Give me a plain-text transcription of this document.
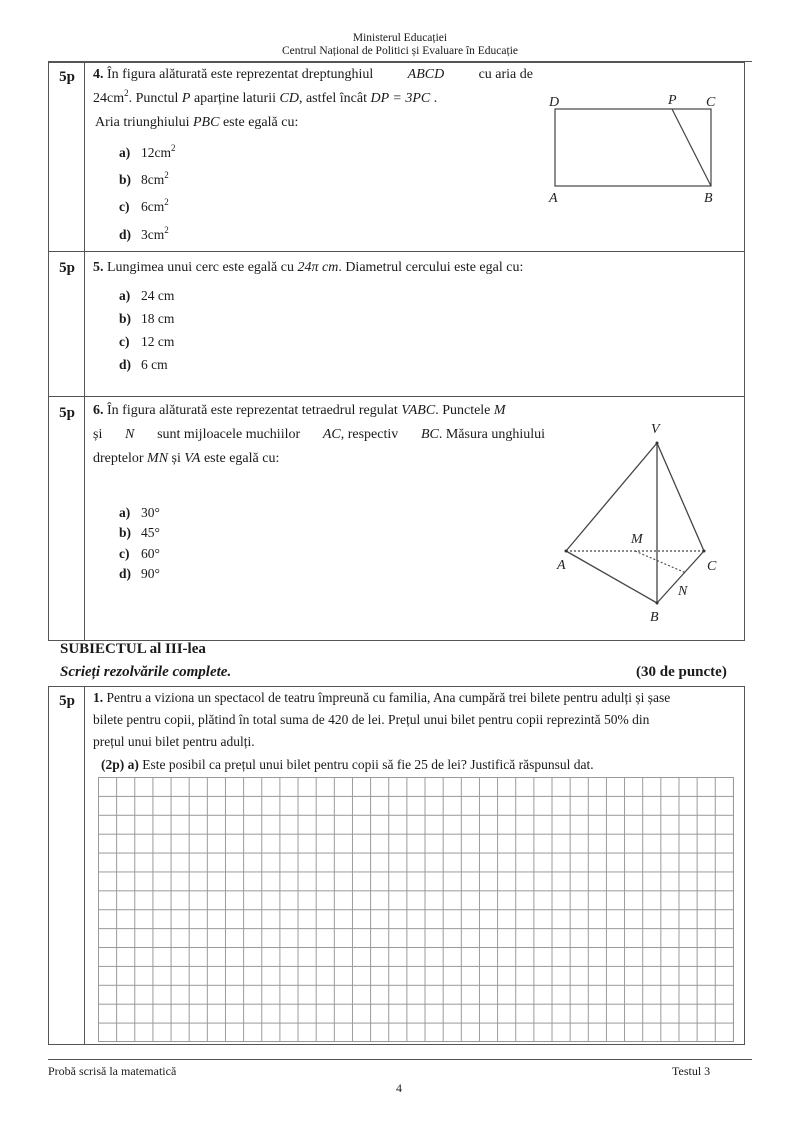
Ministerul Educației
Centrul Național de Politici și Evaluare în Educație
5p	4. În figura alăturată este reprezentat dreptunghiul ABCD cu aria de
$24cm^2$. Punctul P aparține laturii CD, astfel încât DP = 3PC .
Aria triunghiului PBC este egală cu:
a) $12cm^2$
b) $8cm^2$
c) $6cm^2$
d) $3cm^2$
D	P C
A	B
5p	5. Lungimea unui cerc este egală cu 24π cm. Diametrul cercului este egal cu:
a) 24 cm
b) 18 cm
c) 12 cm
d) 6 cm
5p	6. În figura alăturată este reprezentat tetraedrul regulat VABC. Punctele M
și N sunt mijloacele muchiilor AC, respectiv BC. Măsura unghiului
dreptelor MN și VA este egală cu:
a) 30°
b) 45°
c) 60°
d) 90°
V
M
A	C
N
B
SUBIECTUL al III-lea
Scrieți rezolvările complete.	(30 de puncte)
5p	1. Pentru a viziona un spectacol de teatru împreună cu familia, Ana cumpără trei bilete pentru adulți și șase
bilete pentru copii, plătind în total suma de 420 de lei. Prețul unui bilet pentru copii reprezintă 50% din
prețul unui bilet pentru adulți.
(2p) a) Este posibil ca prețul unui bilet pentru copii să fie 25 de lei? Justifică răspunsul dat.
Probă scrisă la matematică	Testul 3
4
